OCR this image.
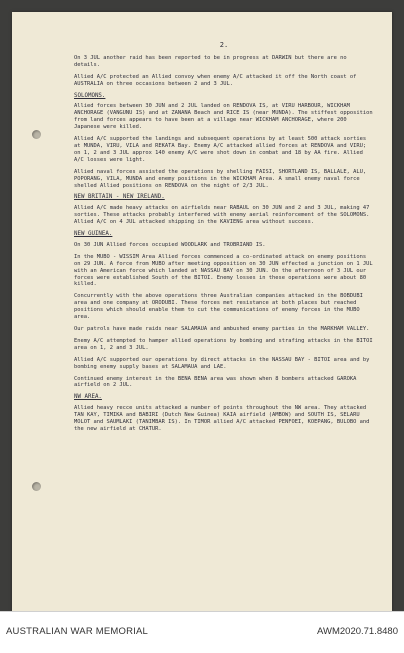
2.

On 3 JUL another raid has been reported to be in progress at DARWIN but there are no details.

Allied A/C protected an Allied convoy when enemy A/C attacked it off the North coast of AUSTRALIA on three occasions between 2 and 3 JUL.

SOLOMONS.

Allied forces between 30 JUN and 2 JUL landed on RENDOVA IS, at VIRU HARBOUR, WICKHAM ANCHORAGE (VANGUNU IS) and at ZANANA Beach and RICE IS (near MUNDA). The stiffest opposition from land forces appears to have been at a village near WICKHAM ANCHORAGE, where 200 Japanese were killed.

Allied A/C supported the landings and subsequent operations by at least 500 attack sorties at MUNDA, VIRU, VILA and REKATA Bay. Enemy A/C attacked allied forces at RENDOVA and VIRU; on 1, 2 and 3 JUL approx 140 enemy A/C were shot down in combat and 18 by AA fire. Allied A/C losses were light.

Allied naval forces assisted the operations by shelling FAISI, SHORTLAND IS, BALLALE, ALU, POPORANG, VILA, MUNDA and enemy positions in the WICKHAM Area. A small enemy naval force shelled Allied positions on RENDOVA on the night of 2/3 JUL.

NEW BRITAIN - NEW IRELAND.

Allied A/C made heavy attacks on airfields near RABAUL on 30 JUN and 2 and 3 JUL, making 47 sorties. These attacks probably interfered with enemy aerial reinforcement of the SOLOMONS. Allied A/C on 4 JUL attacked shipping in the KAVIENG area without success.

NEW GUINEA.

On 30 JUN Allied forces occupied WOODLARK and TROBRIAND IS.

In the MUBO - WISSIM Area Allied forces commenced a co-ordinated attack on enemy positions on 29 JUN. A force from MUBO after meeting opposition on 30 JUN effected a junction on 1 JUL with an American force which landed at NASSAU BAY on 30 JUN. On the afternoon of 3 JUL our forces were established South of the BITOI. Enemy losses in these operations were about 80 killed.

Concurrently with the above operations three Australian companies attacked in the BOBDUBI area and one company at ORODUBI. These forces met resistance at both places but reached positions which should enable them to cut the communications of enemy forces in the MUBO area.

Our patrols have made raids near SALAMAUA and ambushed enemy parties in the MARKHAM VALLEY.

Enemy A/C attempted to hamper allied operations by bombing and strafing attacks in the BITOI area on 1, 2 and 3 JUL.

Allied A/C supported our operations by direct attacks in the NASSAU BAY - BITOI area and by bombing enemy supply bases at SALAMAUA and LAE.

Continued enemy interest in the BENA BENA area was shown when 8 bombers attacked GAROKA airfield on 2 JUL.

NW AREA.

Allied heavy recce units attacked a number of points throughout the NW area. They attacked TAN KAY, TIMIKA and BABIRI (Dutch New Guinea) KAIA airfield (AMBOW) and SOUTH IS, SELARU MOLOT and SAUMLAKI (TANIMBAR IS). In TIMOR allied A/C attacked PENFOEI, KOEPANG, BULOBO and the new airfield at CHATUR.

AUSTRALIAN WAR MEMORIAL	AWM2020.71.8480
